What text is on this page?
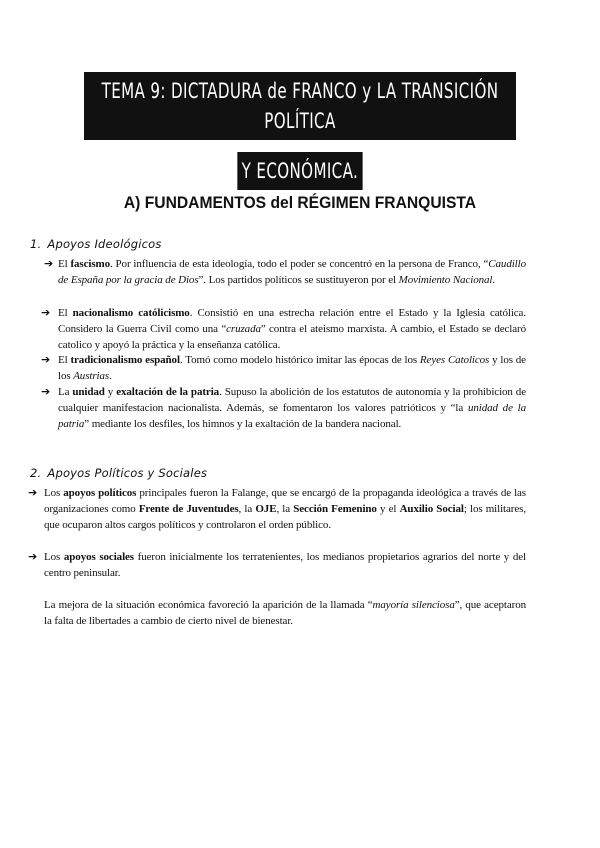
TEMA 9: DICTADURA de FRANCO y LA TRANSICIÓN POLÍTICA
Y ECONÓMICA.
A) FUNDAMENTOS del RÉGIMEN FRANQUISTA
1. Apoyos Ideológicos
➔ El fascismo. Por influencia de esta ideología, todo el poder se concentró en la persona de Franco, “Caudillo de España por la gracia de Dios”. Los partidos políticos se sustituyeron por el Movimiento Nacional.
➔ El nacionalismo católicismo. Consistió en una estrecha relación entre el Estado y la Iglesia católica. Considero la Guerra Civil como una “cruzada” contra el ateismo marxista. A cambio, el Estado se declaró catolico y apoyó la práctica y la enseñanza católica.
➔ El tradicionalismo español. Tomó como modelo histórico imitar las épocas de los Reyes Catolicos y los de los Austrias.
➔ La unidad y exaltación de la patria. Supuso la abolición de los estatutos de autonomía y la prohibicion de cualquier manifestacion nacionalista. Además, se fomentaron los valores patrióticos y “la unidad de la patria” mediante los desfiles, los himnos y la exaltación de la bandera nacional.
2. Apoyos Políticos y Sociales
➔ Los apoyos políticos principales fueron la Falange, que se encargó de la propaganda ideológica a través de las organizaciones como Frente de Juventudes, la OJE, la Sección Femenino y el Auxilio Social; los militares, que ocuparon altos cargos políticos y controlaron el orden público.
➔ Los apoyos sociales fueron inicialmente los terratenientes, los medianos propietarios agrarios del norte y del centro peninsular.
La mejora de la situación económica favoreció la aparición de la llamada “mayoría silenciosa”, que aceptaron la falta de libertades a cambio de cierto nivel de bienestar.
